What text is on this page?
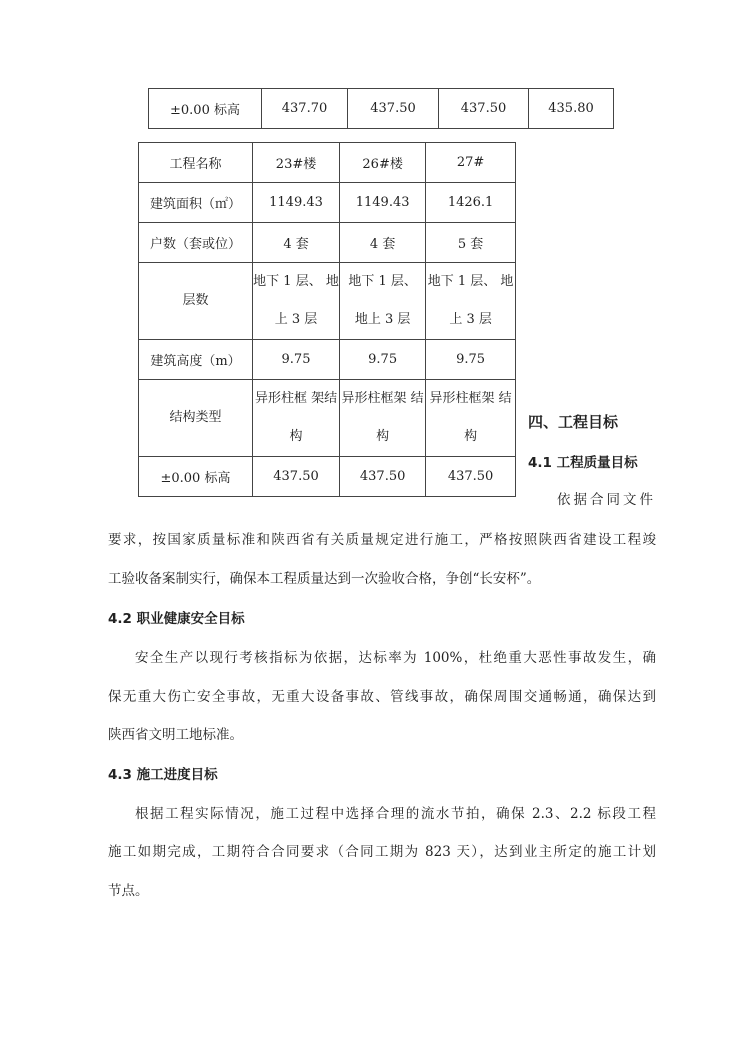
±0.00 标高	437.70	437.50	437.50	435.80
工程名称	23#楼	26#楼	27#
建筑面积（㎡）	1149.43	1149.43	1426.1
户数（套或位）	4 套	4 套	5 套
层数	地下 1 层、 地上 3 层	地下 1 层、 地上 3 层	地下 1 层、 地上 3 层
建筑高度（m）	9.75	9.75	9.75
结构类型	异形柱框 架结构	异形柱框架 结构	异形柱框架 结构
±0.00 标高	437.50	437.50	437.50
四、工程目标
4.1 工程质量目标
依据合同文件
要求，按国家质量标准和陕西省有关质量规定进行施工，严格按照陕西省建设工程竣
工验收备案制实行，确保本工程质量达到一次验收合格，争创“长安杯”。
4.2 职业健康安全目标
安全生产以现行考核指标为依据，达标率为 100%，杜绝重大恶性事故发生，确
保无重大伤亡安全事故，无重大设备事故、管线事故，确保周围交通畅通，确保达到
陕西省文明工地标准。
4.3 施工进度目标
根据工程实际情况，施工过程中选择合理的流水节拍，确保 2.3、2.2 标段工程
施工如期完成，工期符合合同要求（合同工期为 823 天），达到业主所定的施工计划
节点。
